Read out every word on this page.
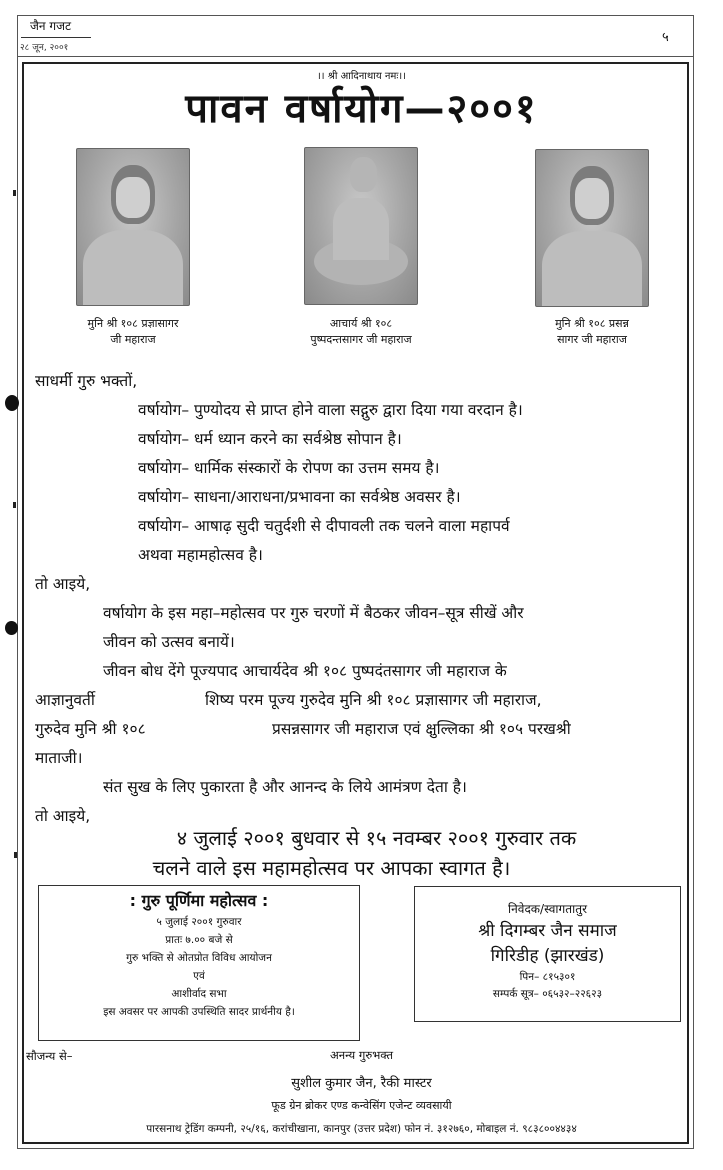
जैन गजट
२८ जून, २००१
५
।। श्री आदिनाथाय नमः।।
पावन वर्षायोग—२००१
मुनि श्री १०८ प्रज्ञासागर
जी महाराज
आचार्य श्री १०८
पुष्पदन्तसागर जी महाराज
मुनि श्री १०८ प्रसन्न
सागर जी महाराज
साधर्मी गुरु भक्तों,
वर्षायोग– पुण्योदय से प्राप्त होने वाला सद्गुरु द्वारा दिया गया वरदान है।
वर्षायोग– धर्म ध्यान करने का सर्वश्रेष्ठ सोपान है।
वर्षायोग– धार्मिक संस्कारों के रोपण का उत्तम समय है।
वर्षायोग– साधना/आराधना/प्रभावना का सर्वश्रेष्ठ अवसर है।
वर्षायोग– आषाढ़ सुदी चतुर्दशी से दीपावली तक चलने वाला महापर्व
अथवा महामहोत्सव है।
तो आइये,
वर्षायोग के इस महा–महोत्सव पर गुरु चरणों में बैठकर जीवन–सूत्र सीखें और
जीवन को उत्सव बनायें।
जीवन बोध देंगे पूज्यपाद आचार्यदेव श्री १०८ पुष्पदंतसागर जी महाराज के
आज्ञानुवर्ती	शिष्य परम पूज्य गुरुदेव मुनि श्री १०८ प्रज्ञासागर जी महाराज,
गुरुदेव मुनि श्री १०८	प्रसन्नसागर जी महाराज एवं क्षुल्लिका श्री १०५ परखश्री
माताजी।
संत सुख के लिए पुकारता है और आनन्द के लिये आमंत्रण देता है।
तो आइये,
४ जुलाई २००१ बुधवार से १५ नवम्बर २००१ गुरुवार तक
चलने वाले इस महामहोत्सव पर आपका स्वागत है।
: गुरु पूर्णिमा महोत्सव :
५ जुलाई २००१ गुरुवार
प्रातः ७.०० बजे से
गुरु भक्ति से ओतप्रोत विविध आयोजन
एवं
आशीर्वाद सभा
इस अवसर पर आपकी उपस्थिति सादर प्रार्थनीय है।
निवेदक/स्वागतातुर
श्री दिगम्बर जैन समाज
गिरिडीह (झारखंड)
पिन– ८१५३०१
सम्पर्क सूत्र– ०६५३२–२२६२३
सौजन्य से–	अनन्य गुरुभक्त
सुशील कुमार जैन, रैकी मास्टर
फूड ग्रेन ब्रोकर एण्ड कन्वेसिंग एजेन्ट व्यवसायी
पारसनाथ ट्रेडिंग कम्पनी, २५/१६, करांचीखाना, कानपुर (उत्तर प्रदेश) फोन नं. ३१२७६०, मोबाइल नं. ९८३८००४४३४
